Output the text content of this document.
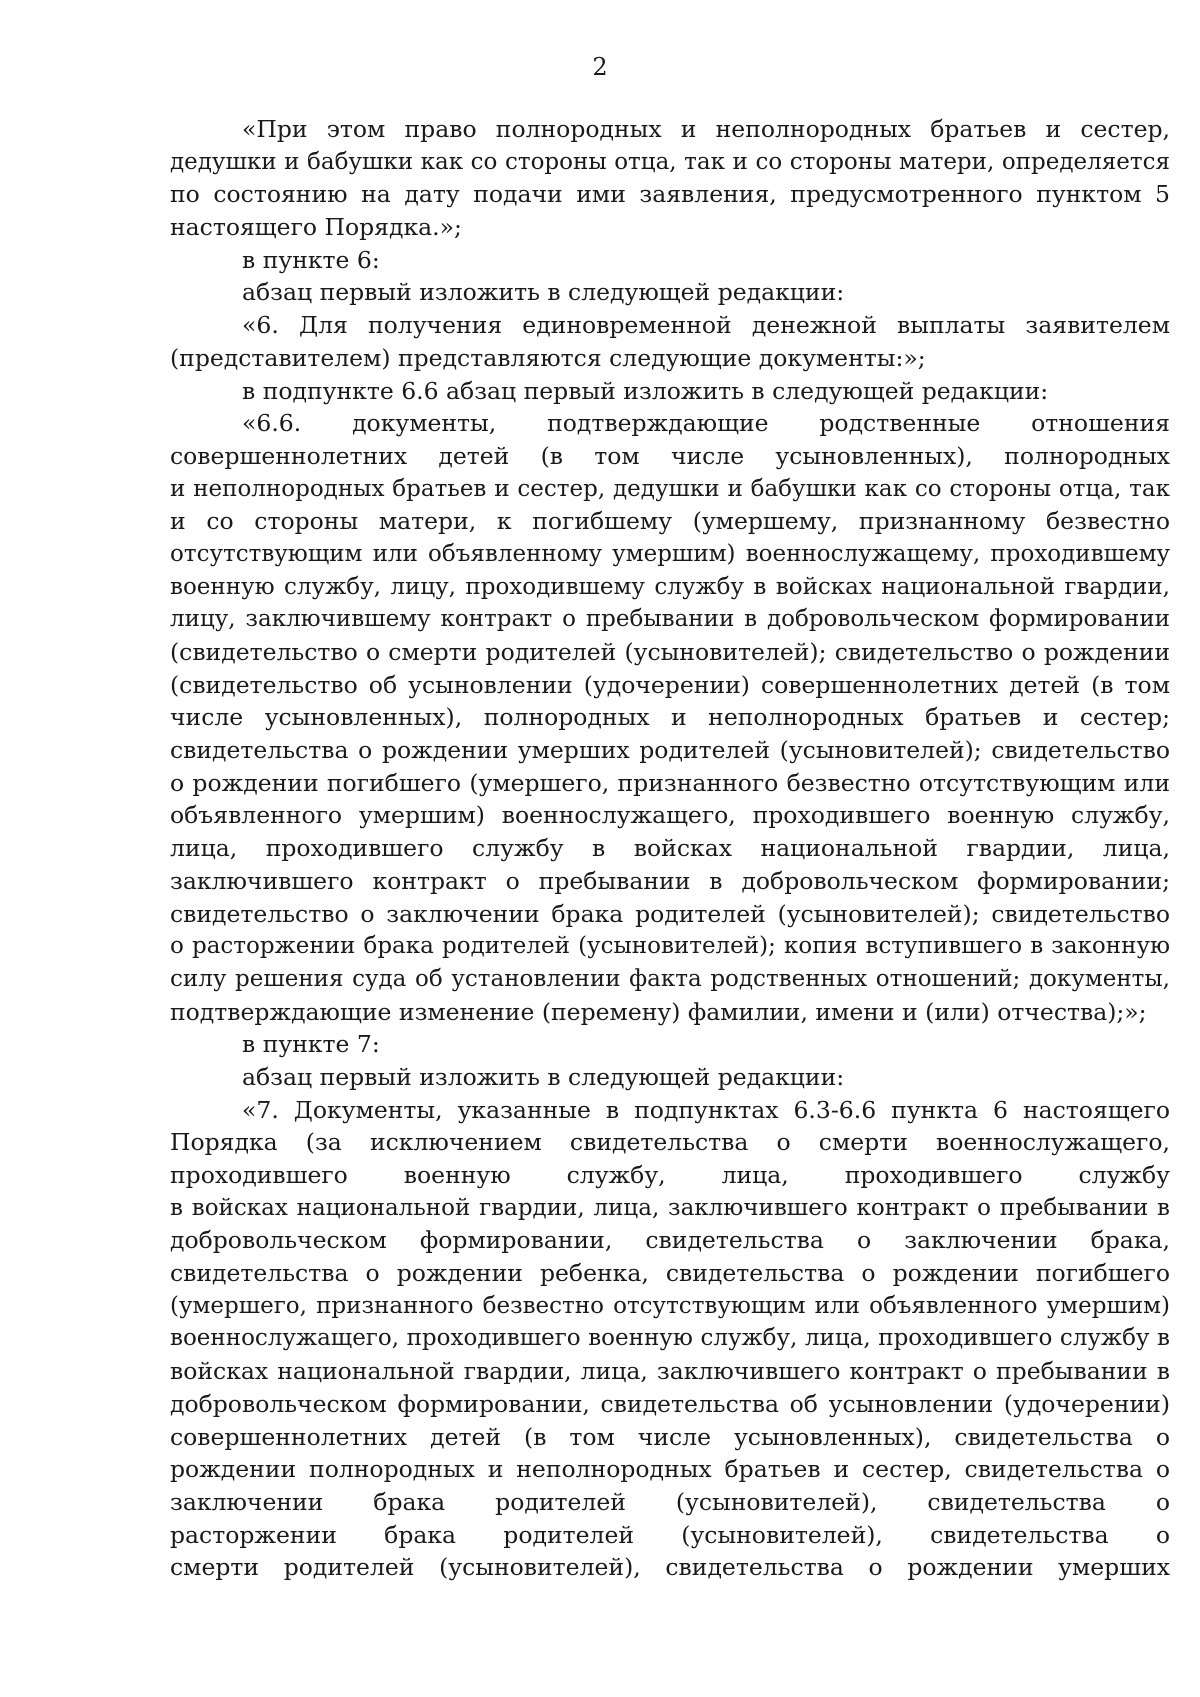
2
«При этом право полнородных и неполнородных братьев и сестер,
дедушки и бабушки как со стороны отца, так и со стороны матери, определяется
по состоянию на дату подачи ими заявления, предусмотренного пунктом 5
настоящего Порядка.»;
в пункте 6:
абзац первый изложить в следующей редакции:
«6. Для получения единовременной денежной выплаты заявителем
(представителем) представляются следующие документы:»;
в подпункте 6.6 абзац первый изложить в следующей редакции:
«6.6. документы, подтверждающие родственные отношения
совершеннолетних детей (в том числе усыновленных), полнородных
и неполнородных братьев и сестер, дедушки и бабушки как со стороны отца, так
и со стороны матери, к погибшему (умершему, признанному безвестно
отсутствующим или объявленному умершим) военнослужащему, проходившему
военную службу, лицу, проходившему службу в войсках национальной гвардии,
лицу, заключившему контракт о пребывании в добровольческом формировании
(свидетельство о смерти родителей (усыновителей); свидетельство о рождении
(свидетельство об усыновлении (удочерении) совершеннолетних детей (в том
числе усыновленных), полнородных и неполнородных братьев и сестер;
свидетельства о рождении умерших родителей (усыновителей); свидетельство
о рождении погибшего (умершего, признанного безвестно отсутствующим или
объявленного умершим) военнослужащего, проходившего военную службу,
лица, проходившего службу в войсках национальной гвардии, лица,
заключившего контракт о пребывании в добровольческом формировании;
свидетельство о заключении брака родителей (усыновителей); свидетельство
о расторжении брака родителей (усыновителей); копия вступившего в законную
силу решения суда об установлении факта родственных отношений; документы,
подтверждающие изменение (перемену) фамилии, имени и (или) отчества);»;
в пункте 7:
абзац первый изложить в следующей редакции:
«7. Документы, указанные в подпунктах 6.3-6.6 пункта 6 настоящего
Порядка (за исключением свидетельства о смерти военнослужащего,
проходившего военную службу, лица, проходившего службу
в войсках национальной гвардии, лица, заключившего контракт о пребывании в
добровольческом формировании, свидетельства о заключении брака,
свидетельства о рождении ребенка, свидетельства о рождении погибшего
(умершего, признанного безвестно отсутствующим или объявленного умершим)
военнослужащего, проходившего военную службу, лица, проходившего службу в
войсках национальной гвардии, лица, заключившего контракт о пребывании в
добровольческом формировании, свидетельства об усыновлении (удочерении)
совершеннолетних детей (в том числе усыновленных), свидетельства о
рождении полнородных и неполнородных братьев и сестер, свидетельства о
заключении брака родителей (усыновителей), свидетельства о
расторжении брака родителей (усыновителей), свидетельства о
смерти родителей (усыновителей), свидетельства о рождении умерших
